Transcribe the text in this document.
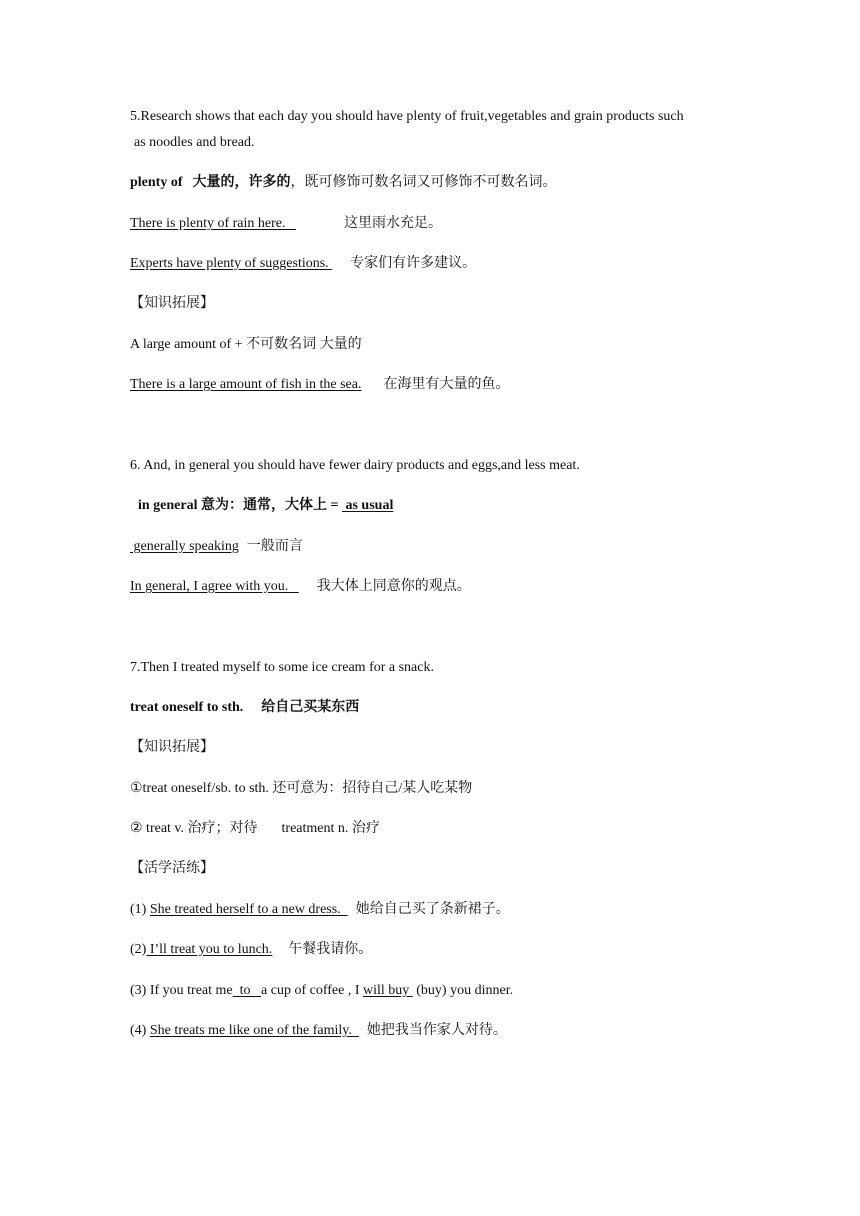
5.Research shows that each day you should have plenty of fruit,vegetables and grain products such
as noodles and bread.
plenty of 大量的，许多的，既可修饰可数名词又可修饰不可数名词。
There is plenty of rain here.	这里雨水充足。
Experts have plenty of suggestions. 专家们有许多建议。
【知识拓展】
A large amount of + 不可数名词 大量的
There is a large amount of fish in the sea. 在海里有大量的鱼。
6. And, in general you should have fewer dairy products and eggs,and less meat.
in general 意为：通常，大体上 =  as usual
generally speaking 一般而言
In general, I agree with you.   我大体上同意你的观点。
7.Then I treated myself to some ice cream for a snack.
treat oneself to sth. 给自己买某东西
【知识拓展】
①treat oneself/sb. to sth. 还可意为：招待自己/某人吃某物
② treat v. 治疗；对待 treatment n. 治疗
【活学活练】
(1) She treated herself to a new dress.  她给自己买了条新裙子。
(2) I’ll treat you to lunch. 午餐我请你。
(3) If you treat me  to   a cup of coffee , I will buy  (buy) you dinner.
(4) She treats me like one of the family.  她把我当作家人对待。
